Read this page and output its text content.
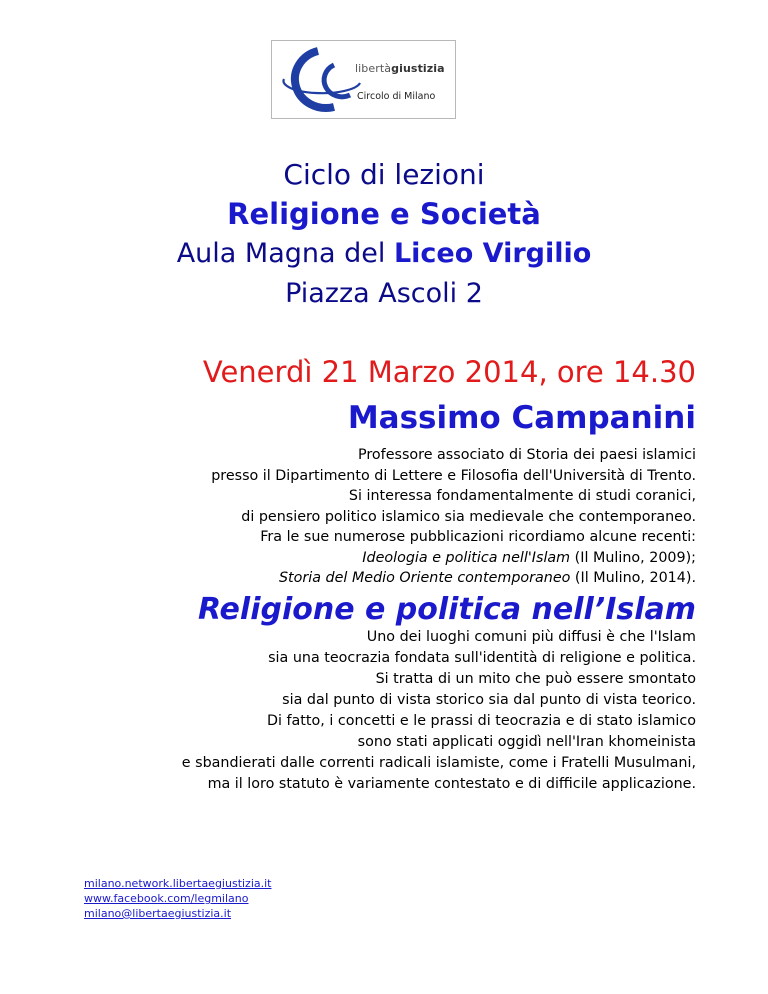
libertàgiustizia
Circolo di Milano
Ciclo di lezioni
Religione e Società
Aula Magna del Liceo Virgilio
Piazza Ascoli 2
Venerdì 21 Marzo 2014, ore 14.30
Massimo Campanini

Professore associato di Storia dei paesi islamici

presso il Dipartimento di Lettere e Filosofia dell'Università di Trento.

Si interessa fondamentalmente di studi coranici,

di pensiero politico islamico sia medievale che contemporaneo.

Fra le sue numerose pubblicazioni ricordiamo alcune recenti:

Ideologia e politica nell'Islam (Il Mulino, 2009);

Storia del Medio Oriente contemporaneo (Il Mulino, 2014).

Religione e politica nell’Islam

Uno dei luoghi comuni più diffusi è che l'Islam

sia una teocrazia fondata sull'identità di religione e politica.

Si tratta di un mito che può essere smontato

sia dal punto di vista storico sia dal punto di vista teorico.

Di fatto, i concetti e le prassi di teocrazia e di stato islamico

sono stati applicati oggidì nell'Iran khomeinista

e sbandierati dalle correnti radicali islamiste, come i Fratelli Musulmani,

ma il loro statuto è variamente contestato e di difficile applicazione.

milano.network.libertaegiustizia.it
www.facebook.com/legmilano
milano@libertaegiustizia.it
